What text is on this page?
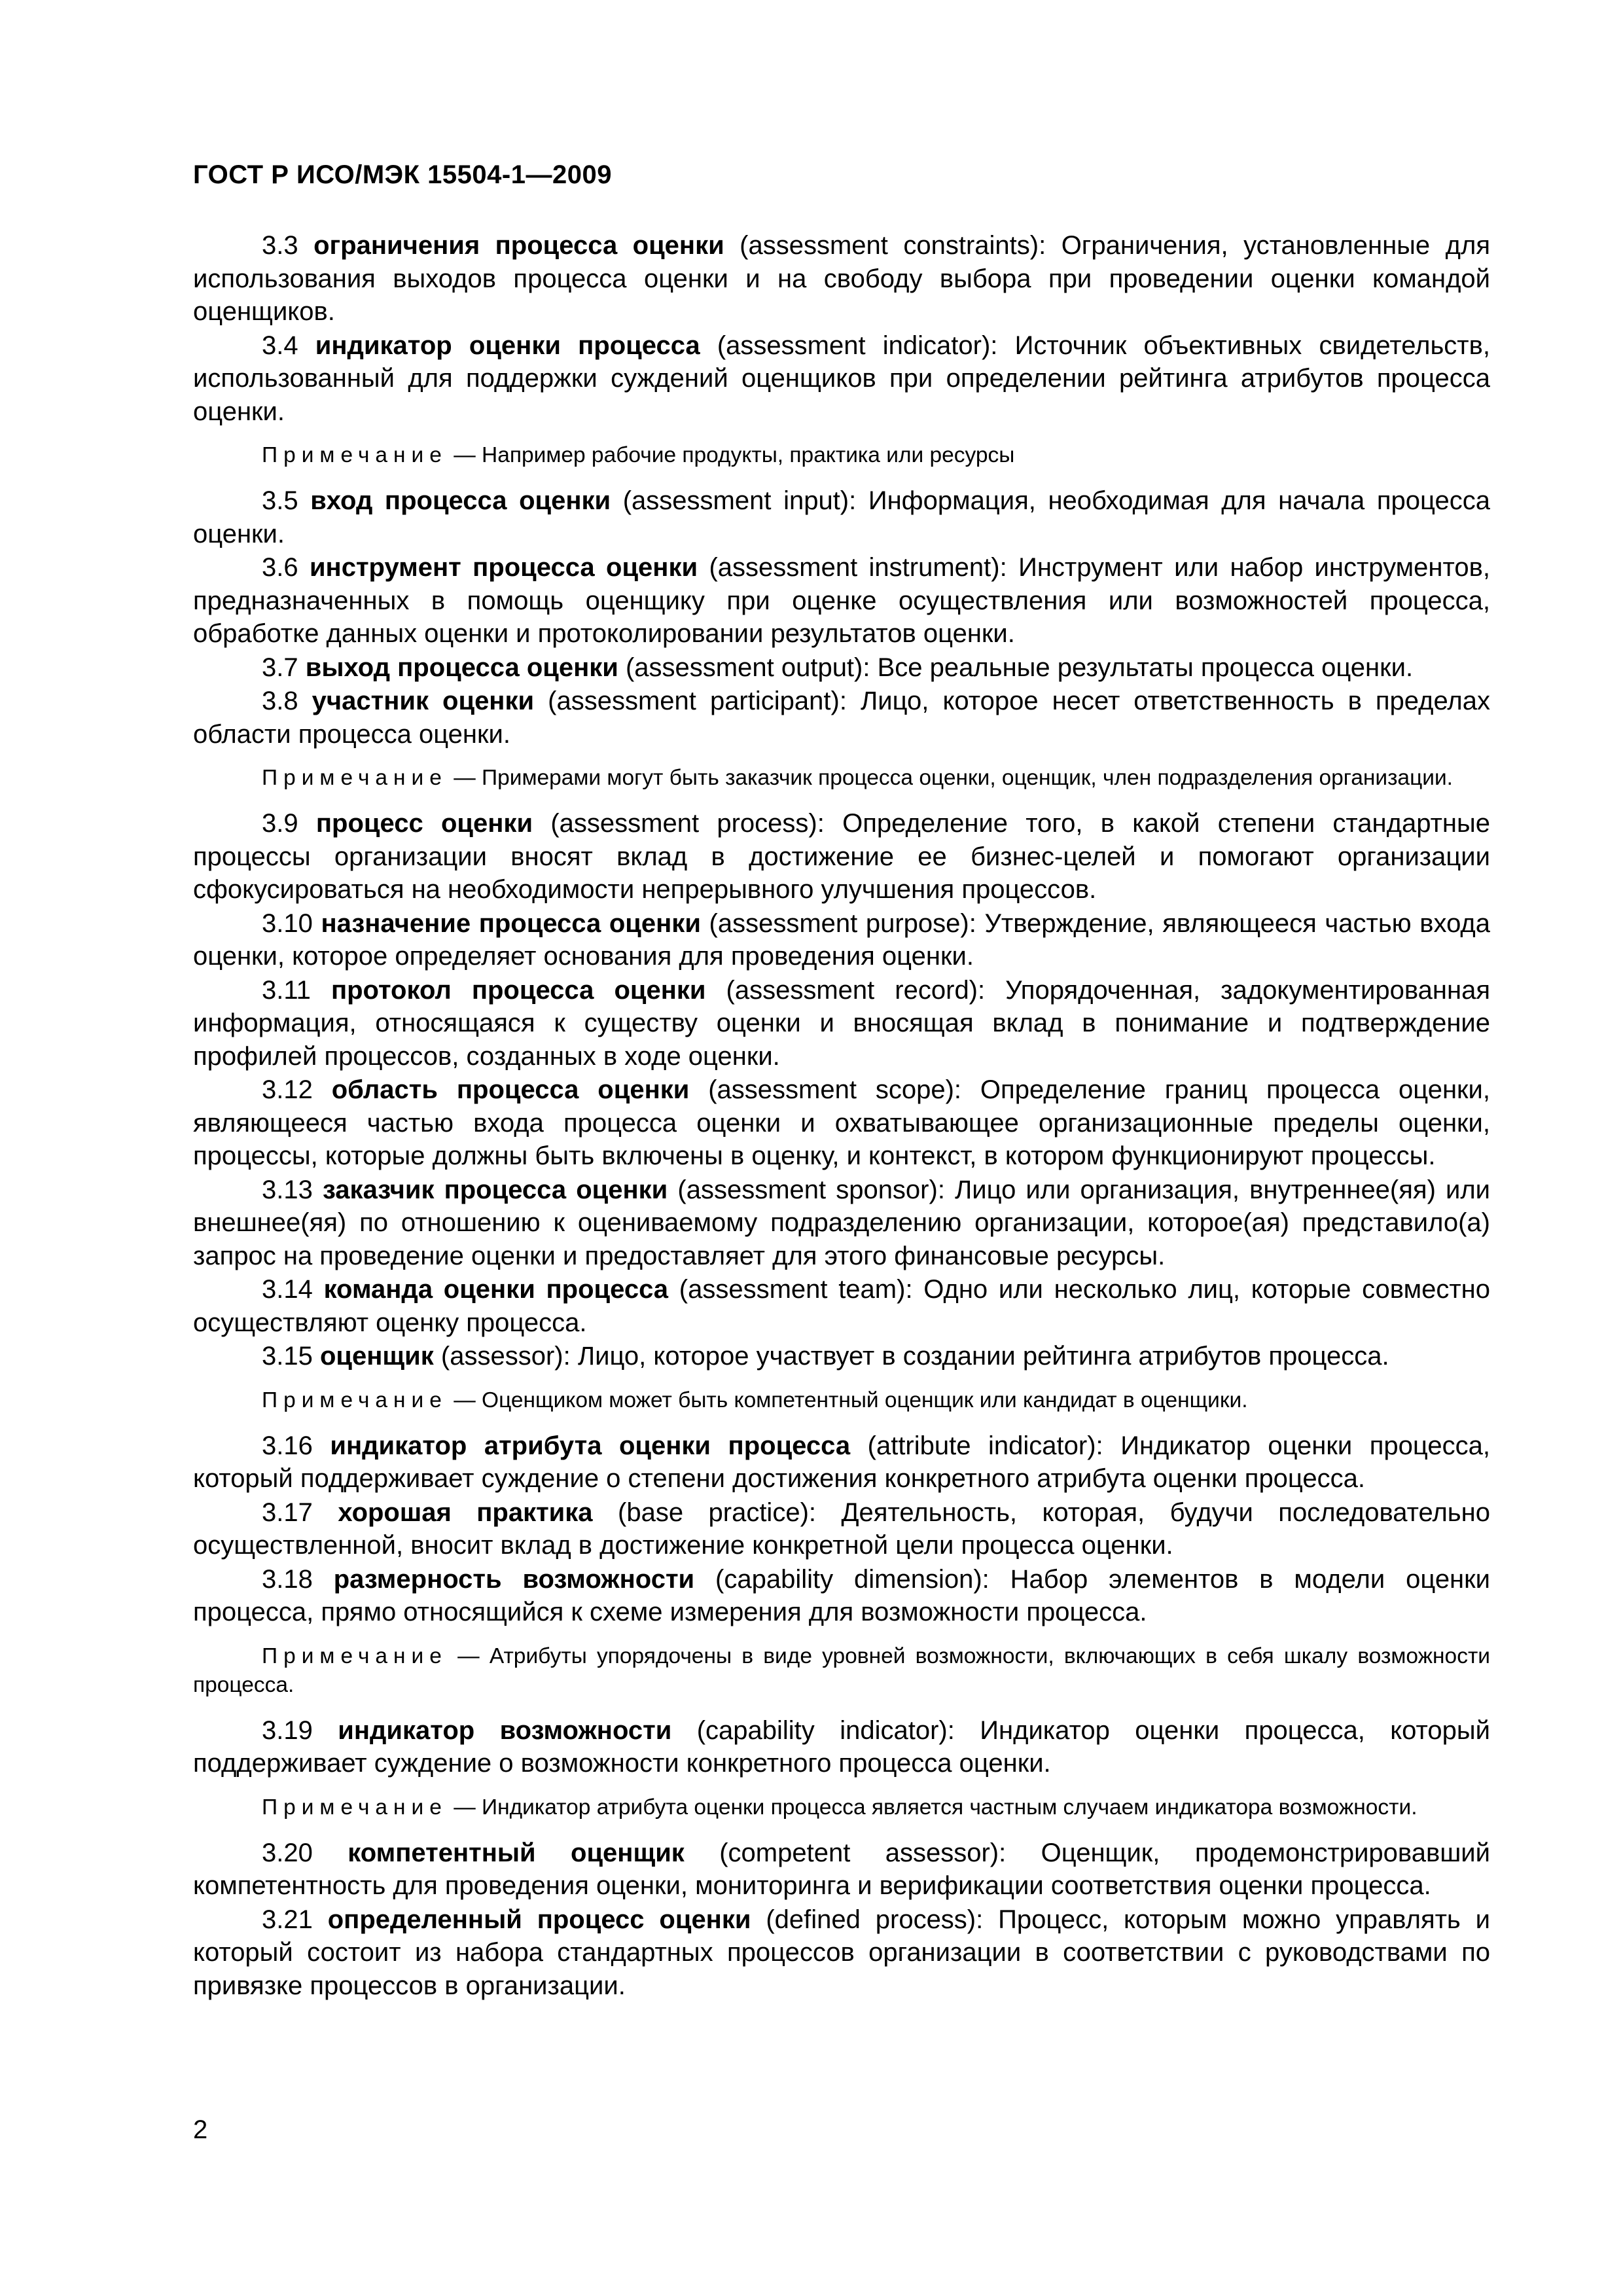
ГОСТ Р ИСО/МЭК 15504-1—2009

3.3 ограничения процесса оценки (assessment constraints): Ограничения, установленные для использования выходов процесса оценки и на свободу выбора при проведении оценки командой оценщиков.

3.4 индикатор оценки процесса (assessment indicator): Источник объективных свидетельств, использованный для поддержки суждений оценщиков при определении рейтинга атрибутов процесса оценки.

Примечание — Например рабочие продукты, практика или ресурсы

3.5 вход процесса оценки (assessment input): Информация, необходимая для начала процесса оценки.

3.6 инструмент процесса оценки (assessment instrument): Инструмент или набор инструментов, предназначенных в помощь оценщику при оценке осуществления или возможностей процесса, обработке данных оценки и протоколировании результатов оценки.

3.7 выход процесса оценки (assessment output): Все реальные результаты процесса оценки.

3.8 участник оценки (assessment participant): Лицо, которое несет ответственность в пределах области процесса оценки.

Примечание — Примерами могут быть заказчик процесса оценки, оценщик, член подразделения организации.

3.9 процесс оценки (assessment process): Определение того, в какой степени стандартные процессы организации вносят вклад в достижение ее бизнес-целей и помогают организации сфокусироваться на необходимости непрерывного улучшения процессов.

3.10 назначение процесса оценки (assessment purpose): Утверждение, являющееся частью входа оценки, которое определяет основания для проведения оценки.

3.11 протокол процесса оценки (assessment record): Упорядоченная, задокументированная информация, относящаяся к существу оценки и вносящая вклад в понимание и подтверждение профилей процессов, созданных в ходе оценки.

3.12 область процесса оценки (assessment scope): Определение границ процесса оценки, являющееся частью входа процесса оценки и охватывающее организационные пределы оценки, процессы, которые должны быть включены в оценку, и контекст, в котором функционируют процессы.

3.13 заказчик процесса оценки (assessment sponsor): Лицо или организация, внутреннее(яя) или внешнее(яя) по отношению к оцениваемому подразделению организации, которое(ая) представило(а) запрос на проведение оценки и предоставляет для этого финансовые ресурсы.

3.14 команда оценки процесса (assessment team): Одно или несколько лиц, которые совместно осуществляют оценку процесса.

3.15 оценщик (assessor): Лицо, которое участвует в создании рейтинга атрибутов процесса.

Примечание — Оценщиком может быть компетентный оценщик или кандидат в оценщики.

3.16 индикатор атрибута оценки процесса (attribute indicator): Индикатор оценки процесса, который поддерживает суждение о степени достижения конкретного атрибута оценки процесса.

3.17 хорошая практика (base practice): Деятельность, которая, будучи последовательно осуществленной, вносит вклад в достижение конкретной цели процесса оценки.

3.18 размерность возможности (capability dimension): Набор элементов в модели оценки процесса, прямо относящийся к схеме измерения для возможности процесса.

Примечание — Атрибуты упорядочены в виде уровней возможности, включающих в себя шкалу возможности процесса.

3.19 индикатор возможности (capability indicator): Индикатор оценки процесса, который поддерживает суждение о возможности конкретного процесса оценки.

Примечание — Индикатор атрибута оценки процесса является частным случаем индикатора возможности.

3.20 компетентный оценщик (competent assessor): Оценщик, продемонстрировавший компетентность для проведения оценки, мониторинга и верификации соответствия оценки процесса.

3.21 определенный процесс оценки (defined process): Процесс, которым можно управлять и который состоит из набора стандартных процессов организации в соответствии с руководствами по привязке процессов в организации.

2
